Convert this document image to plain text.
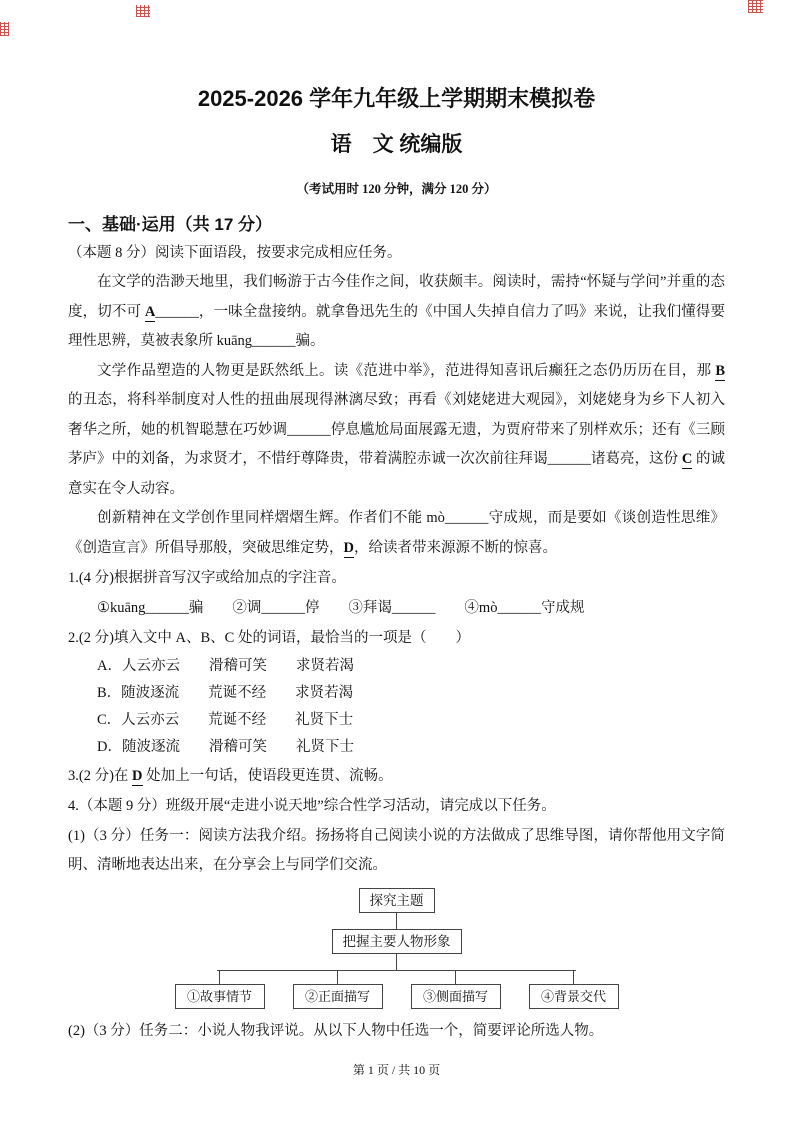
2025-2026 学年九年级上学期期末模拟卷
语　文 统编版
（考试用时 120 分钟，满分 120 分）
一、基础·运用（共 17 分）
（本题 8 分）阅读下面语段，按要求完成相应任务。

在文学的浩渺天地里，我们畅游于古今佳作之间，收获颇丰。阅读时，需持“怀疑与学问”并重的态度，切不可 A______，一味全盘接纳。就拿鲁迅先生的《中国人失掉自信力了吗》来说，让我们懂得要理性思辨，莫被表象所 kuāng______骗。

文学作品塑造的人物更是跃然纸上。读《范进中举》，范进得知喜讯后癫狂之态仍历历在目，那 B 的丑态，将科举制度对人性的扭曲展现得淋漓尽致；再看《刘姥姥进大观园》，刘姥姥身为乡下人初入奢华之所，她的机智聪慧在巧妙调______停息尴尬局面展露无遗，为贾府带来了别样欢乐；还有《三顾茅庐》中的刘备，为求贤才，不惜纡尊降贵，带着满腔赤诚一次次前往拜谒______诸葛亮，这份 C 的诚意实在令人动容。

创新精神在文学创作里同样熠熠生辉。作者们不能 mò______守成规，而是要如《谈创造性思维》《创造宣言》所倡导那般，突破思维定势，D，给读者带来源源不断的惊喜。

1.(4 分)根据拼音写汉字或给加点的字注音。
①kuāng______骗　　②调______停　　③拜谒______　　④mò______守成规
2.(2 分)填入文中 A、B、C 处的词语，最恰当的一项是（　　）
A．人云亦云　　滑稽可笑　　求贤若渴
B．随波逐流　　荒诞不经　　求贤若渴
C．人云亦云　　荒诞不经　　礼贤下士
D．随波逐流　　滑稽可笑　　礼贤下士
3.(2 分)在 D 处加上一句话，使语段更连贯、流畅。
4.（本题 9 分）班级开展“走进小说天地”综合性学习活动，请完成以下任务。
(1)（3 分）任务一：阅读方法我介绍。扬扬将自己阅读小说的方法做成了思维导图，请你帮他用文字简明、清晰地表达出来，在分享会上与同学们交流。
探究主题
把握主要人物形象
①故事情节	②正面描写	③侧面描写	④背景交代
(2)（3 分）任务二：小说人物我评说。从以下人物中任选一个，简要评论所选人物。
第 1 页 / 共 10 页
